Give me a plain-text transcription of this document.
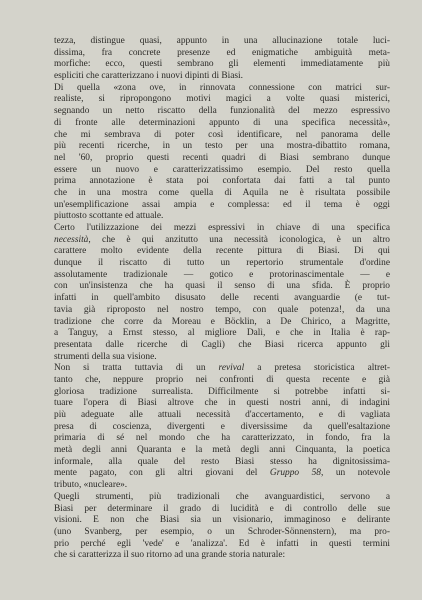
tezza, distingue quasi, appunto in una allucinazione totale luci-
dissima, fra concrete presenze ed enigmatiche ambiguità meta-
morfiche: ecco, questi sembrano gli elementi immediatamente più
espliciti che caratterizzano i nuovi dipinti di Biasi.
Di quella «zona ove, in rinnovata connessione con matrici sur-
realiste, si ripropongono motivi magici a volte quasi misterici,
segnando un netto riscatto della funzionalità del mezzo espressivo
di fronte alle determinazioni appunto di una specifica necessità»,
che mi sembrava di poter così identificare, nel panorama delle
più recenti ricerche, in un testo per una mostra-dibattito romana,
nel '60, proprio questi recenti quadri di Biasi sembrano dunque
essere un nuovo e caratterizzatissimo esempio. Del resto quella
prima annotazione è stata poi confortata dai fatti a tal punto
che in una mostra come quella di Aquila ne è risultata possibile
un'esemplificazione assai ampia e complessa: ed il tema è oggi
piuttosto scottante ed attuale.
Certo l'utilizzazione dei mezzi espressivi in chiave di una specifica
necessità, che è qui anzitutto una necessità iconologica, è un altro
carattere molto evidente della recente pittura di Biasi. Di qui
dunque il riscatto di tutto un repertorio strumentale d'ordine
assolutamente tradizionale — gotico e protorinascimentale — e
con un'insistenza che ha quasi il senso di una sfida. È proprio
infatti in quell'ambito disusato delle recenti avanguardie (e tut-
tavia già riproposto nel nostro tempo, con quale potenza!, da una
tradizione che corre da Moreau e Böcklin, a De Chirico, a Magritte,
a Tanguy, a Ernst stesso, al migliore Dalì, e che in Italia è rap-
presentata dalle ricerche di Cagli) che Biasi ricerca appunto gli
strumenti della sua visione.
Non si tratta tuttavia di un revival a pretesa storicistica altret-
tanto che, neppure proprio nei confronti di questa recente e già
gloriosa tradizione surrealista. Difficilmente si potrebbe infatti si-
tuare l'opera di Biasi altrove che in questi nostri anni, di indagini
più adeguate alle attuali necessità d'accertamento, e di vagliata
presa di coscienza, divergenti e diversissime da quell'esaltazione
primaria di sé nel mondo che ha caratterizzato, in fondo, fra la
metà degli anni Quaranta e la metà degli anni Cinquanta, la poetica
informale, alla quale del resto Biasi stesso ha dignitosissima-
mente pagato, con gli altri giovani del Gruppo 58, un notevole
tributo, «nucleare».
Quegli strumenti, più tradizionali che avanguardistici, servono a
Biasi per determinare il grado di lucidità e di controllo delle sue
visioni. E non che Biasi sia un visionario, immaginoso e delirante
(uno Svanberg, per esempio, o un Schroder-Sönnenstern), ma pro-
prio perché egli 'vede' e 'analizza'. Ed è infatti in questi termini
che si caratterizza il suo ritorno ad una grande storia naturale:
